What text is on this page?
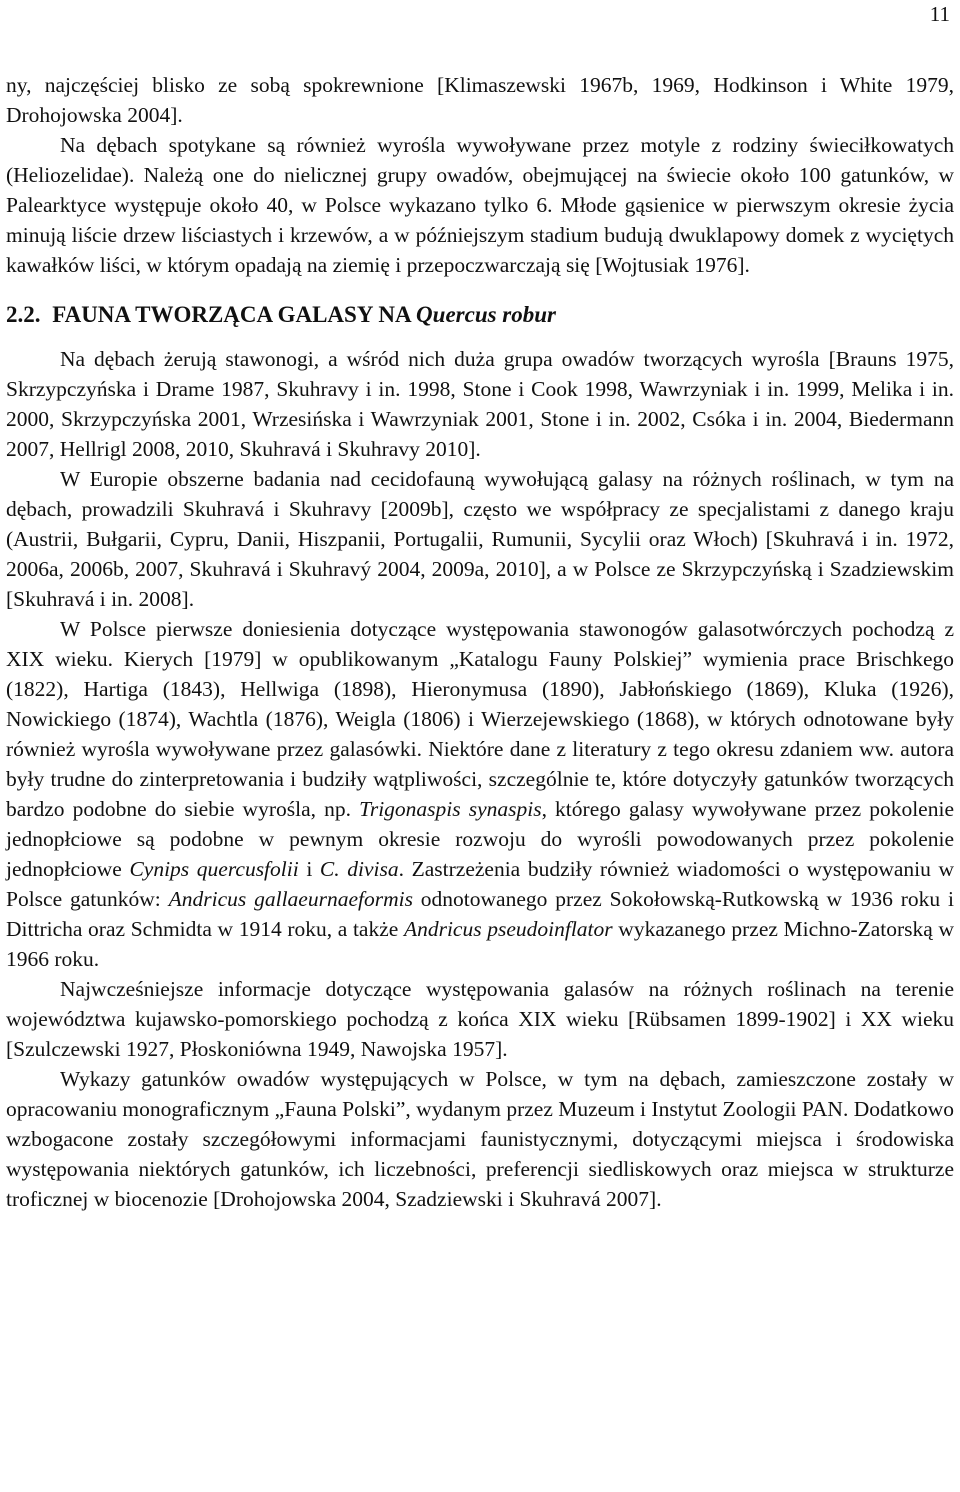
11

ny, najczęściej blisko ze sobą spokrewnione [Klimaszewski 1967b, 1969, Hodkinson i White 1979, Drohojowska 2004].

Na dębach spotykane są również wyrośla wywoływane przez motyle z rodziny świeciłkowatych (Heliozelidae). Należą one do nielicznej grupy owadów, obejmującej na świecie około 100 gatunków, w Palearktyce występuje około 40, w Polsce wykazano tylko 6. Młode gąsienice w pierwszym okresie życia minują liście drzew liściastych i krzewów, a w późniejszym stadium budują dwuklapowy domek z wyciętych kawałków liści, w którym opadają na ziemię i przepoczwarczają się [Wojtusiak 1976].

2.2. FAUNA TWORZĄCA GALASY NA Quercus robur

Na dębach żerują stawonogi, a wśród nich duża grupa owadów tworzących wyrośla [Brauns 1975, Skrzypczyńska i Drame 1987, Skuhravy i in. 1998, Stone i Cook 1998, Wawrzyniak i in. 1999, Melika i in. 2000, Skrzypczyńska 2001, Wrzesińska i Wawrzyniak 2001, Stone i in. 2002, Csóka i in. 2004, Biedermann 2007, Hellrigl 2008, 2010, Skuhravá i Skuhravy 2010].

W Europie obszerne badania nad cecidofauną wywołującą galasy na różnych roślinach, w tym na dębach, prowadzili Skuhravá i Skuhravy [2009b], często we współpracy ze specjalistami z danego kraju (Austrii, Bułgarii, Cypru, Danii, Hiszpanii, Portugalii, Rumunii, Sycylii oraz Włoch) [Skuhravá i in. 1972, 2006a, 2006b, 2007, Skuhravá i Skuhravý 2004, 2009a, 2010], a w Polsce ze Skrzypczyńską i Szadziewskim [Skuhravá i in. 2008].

W Polsce pierwsze doniesienia dotyczące występowania stawonogów galasotwórczych pochodzą z XIX wieku. Kierych [1979] w opublikowanym „Katalogu Fauny Polskiej” wymienia prace Brischkego (1822), Hartiga (1843), Hellwiga (1898), Hieronymusa (1890), Jabłońskiego (1869), Kluka (1926), Nowickiego (1874), Wachtla (1876), Weigla (1806) i Wierzejewskiego (1868), w których odnotowane były również wyrośla wywoływane przez galasówki. Niektóre dane z literatury z tego okresu zdaniem ww. autora były trudne do zinterpretowania i budziły wątpliwości, szczególnie te, które dotyczyły gatunków tworzących bardzo podobne do siebie wyrośla, np. Trigonaspis synaspis, którego galasy wywoływane przez pokolenie jednopłciowe są podobne w pewnym okresie rozwoju do wyrośli powodowanych przez pokolenie jednopłciowe Cynips quercusfolii i C. divisa. Zastrzeżenia budziły również wiadomości o występowaniu w Polsce gatunków: Andricus gallaeurnaeformis odnotowanego przez Sokołowską-Rutkowską w 1936 roku i Dittricha oraz Schmidta w 1914 roku, a także Andricus pseudoinflator wykazanego przez Michno-Zatorską w 1966 roku.

Najwcześniejsze informacje dotyczące występowania galasów na różnych roślinach na terenie województwa kujawsko-pomorskiego pochodzą z końca XIX wieku [Rübsamen 1899-1902] i XX wieku [Szulczewski 1927, Płoskoniówna 1949, Nawojska 1957].

Wykazy gatunków owadów występujących w Polsce, w tym na dębach, zamieszczone zostały w opracowaniu monograficznym „Fauna Polski”, wydanym przez Muzeum i Instytut Zoologii PAN. Dodatkowo wzbogacone zostały szczegółowymi informacjami faunistycznymi, dotyczącymi miejsca i środowiska występowania niektórych gatunków, ich liczebności, preferencji siedliskowych oraz miejsca w strukturze troficznej w biocenozie [Drohojowska 2004, Szadziewski i Skuhravá 2007].
